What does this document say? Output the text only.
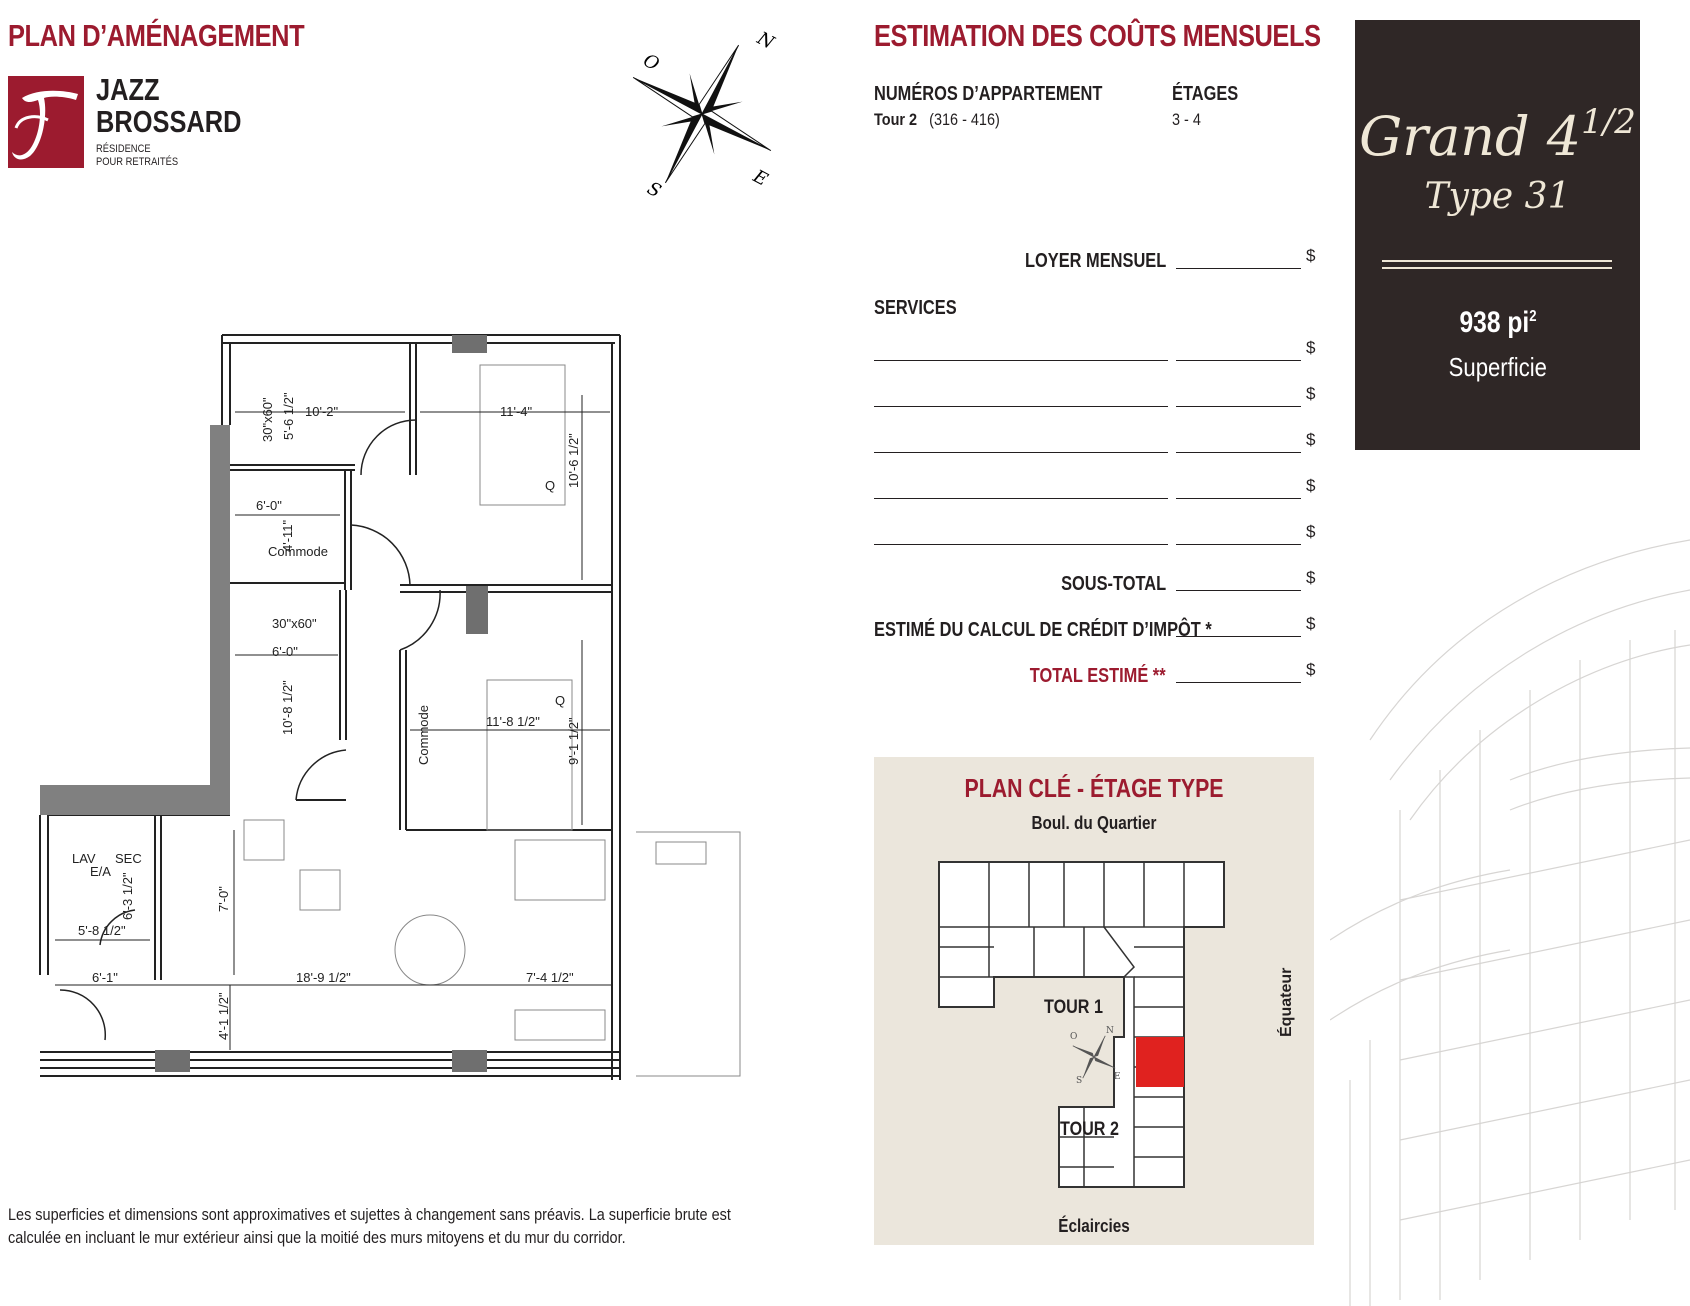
PLAN D’AMÉNAGEMENT
JAZZ
BROSSARD
RÉSIDENCE
POUR RETRAITÉS
N
E
S
O
10'-2"
5'-6 1/2"
30"x60"	11'-4"
10'-6 1/2"
Q
6'-0"
4'-11"
Commode
30"x60"
6'-0"
10'-8 1/2"	11'-8 1/2" 9'-1 1/2"
Commode
Q
LAV SEC
E/A
6'-3 1/2"
5'-8 1/2"
7'-0"
6'-1"	18'-9 1/2"	7'-4 1/2"
4'-1 1/2"
Les superficies et dimensions sont approximatives et sujettes à changement sans préavis. La superficie brute est
calculée en incluant le mur extérieur ainsi que la moitié des murs mitoyens et du mur du corridor.
ESTIMATION DES COÛTS MENSUELS
NUMÉROS D’APPARTEMENT
Tour 2 (316 - 416)
ÉTAGES
3 - 4
LOYER MENSUEL	$
SERVICES
$
$
$
$
$
SOUS-TOTAL	$
ESTIMÉ DU CALCUL DE CRÉDIT D’IMPÔT *	$
TOTAL ESTIMÉ **	$
PLAN CLÉ - ÉTAGE TYPE
Boul. du Quartier
N
E
S
O
TOUR 1
TOUR 2
Équateur
Éclaircies
Grand 41/2
Type 31
938 $pi^2$
Superficie
